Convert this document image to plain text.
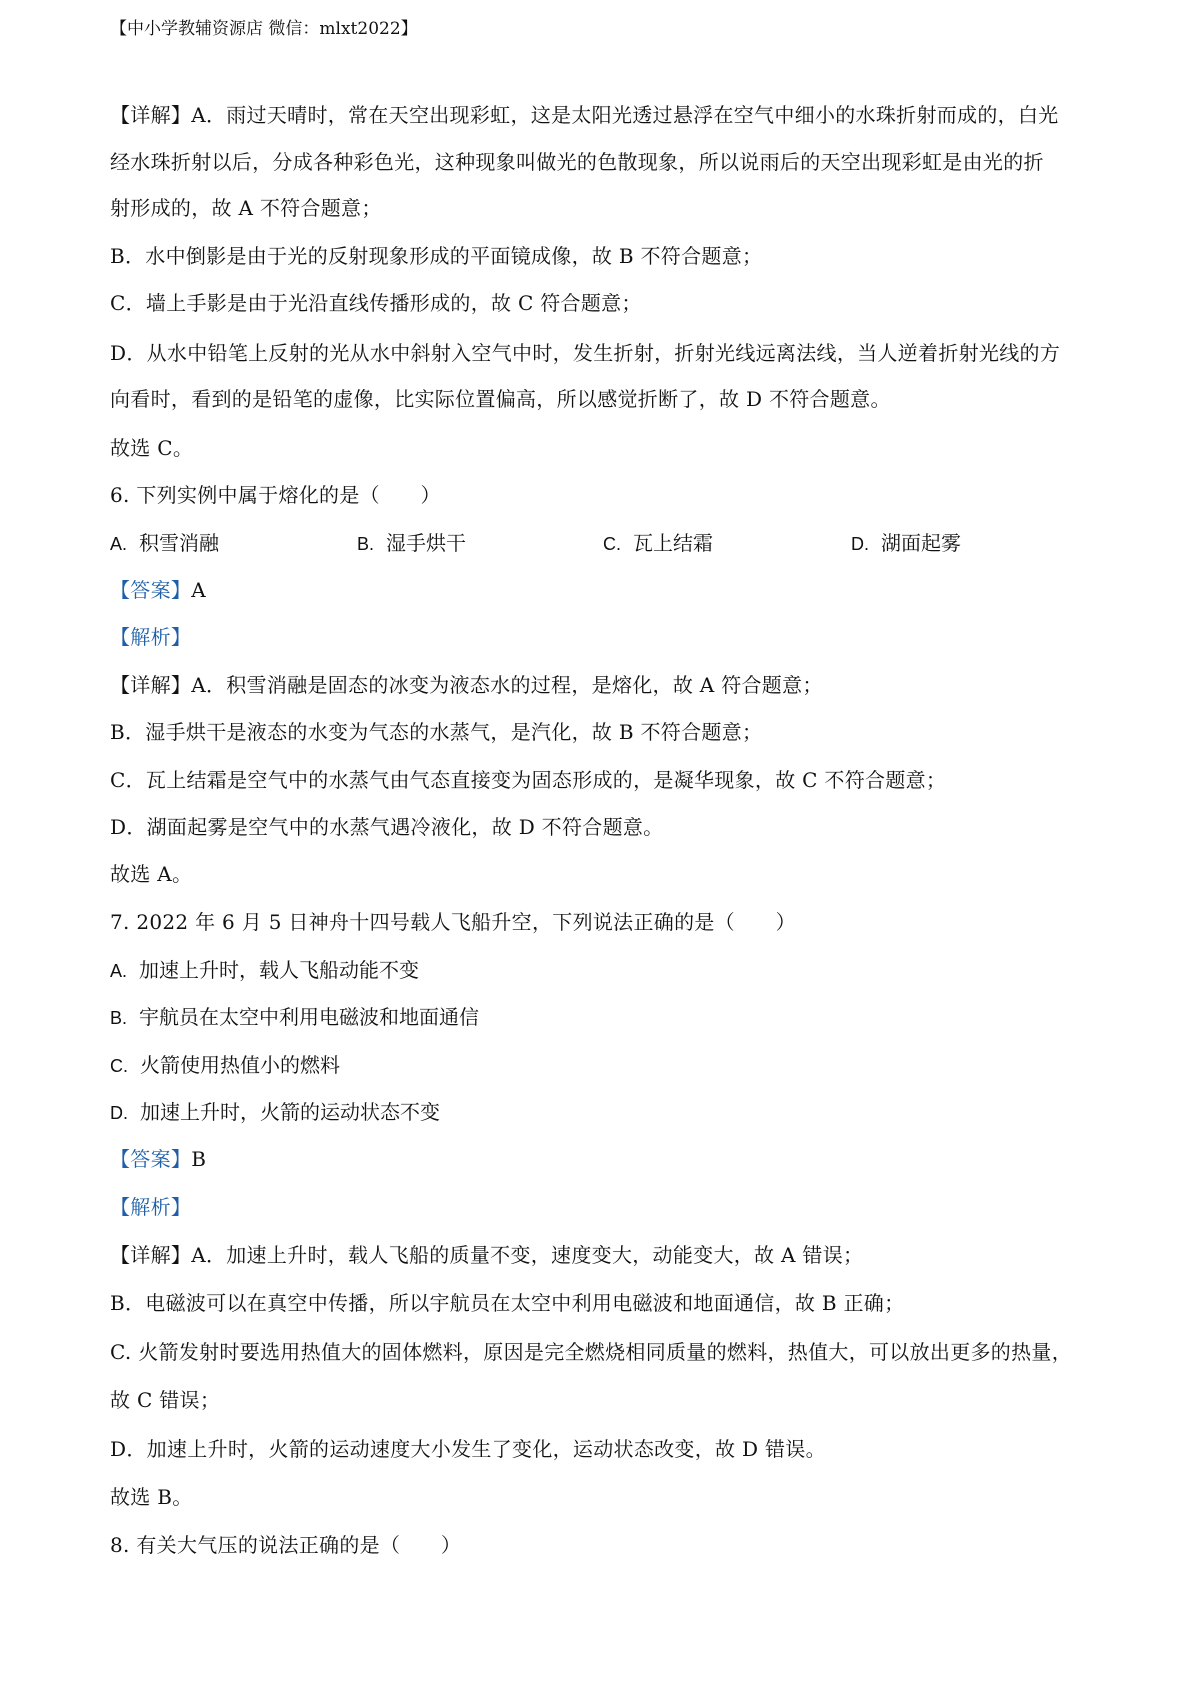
【中小学教辅资源店 微信：mlxt2022】
【详解】A．雨过天晴时，常在天空出现彩虹，这是太阳光透过悬浮在空气中细小的水珠折射而成的，白光
经水珠折射以后，分成各种彩色光，这种现象叫做光的色散现象，所以说雨后的天空出现彩虹是由光的折
射形成的，故 A 不符合题意；
B．水中倒影是由于光的反射现象形成的平面镜成像，故 B 不符合题意；
C．墙上手影是由于光沿直线传播形成的，故 C 符合题意；
D．从水中铅笔上反射的光从水中斜射入空气中时，发生折射，折射光线远离法线，当人逆着折射光线的方
向看时，看到的是铅笔的虚像，比实际位置偏高，所以感觉折断了，故 D 不符合题意。
故选 C。
6. 下列实例中属于熔化的是（　　）
A. 积雪消融	B. 湿手烘干	C. 瓦上结霜	D. 湖面起雾
【答案】A
【解析】
【详解】A．积雪消融是固态的冰变为液态水的过程，是熔化，故 A 符合题意；
B．湿手烘干是液态的水变为气态的水蒸气，是汽化，故 B 不符合题意；
C．瓦上结霜是空气中的水蒸气由气态直接变为固态形成的，是凝华现象，故 C 不符合题意；
D．湖面起雾是空气中的水蒸气遇冷液化，故 D 不符合题意。
故选 A。
7. 2022 年 6 月 5 日神舟十四号载人飞船升空，下列说法正确的是（　　）
A. 加速上升时，载人飞船动能不变
B. 宇航员在太空中利用电磁波和地面通信
C. 火箭使用热值小的燃料
D. 加速上升时，火箭的运动状态不变
【答案】B
【解析】
【详解】A．加速上升时，载人飞船的质量不变，速度变大，动能变大，故 A 错误；
B．电磁波可以在真空中传播，所以宇航员在太空中利用电磁波和地面通信，故 B 正确；
C. 火箭发射时要选用热值大的固体燃料，原因是完全燃烧相同质量的燃料，热值大，可以放出更多的热量，
故 C 错误；
D．加速上升时，火箭的运动速度大小发生了变化，运动状态改变，故 D 错误。
故选 B。
8. 有关大气压的说法正确的是（　　）
